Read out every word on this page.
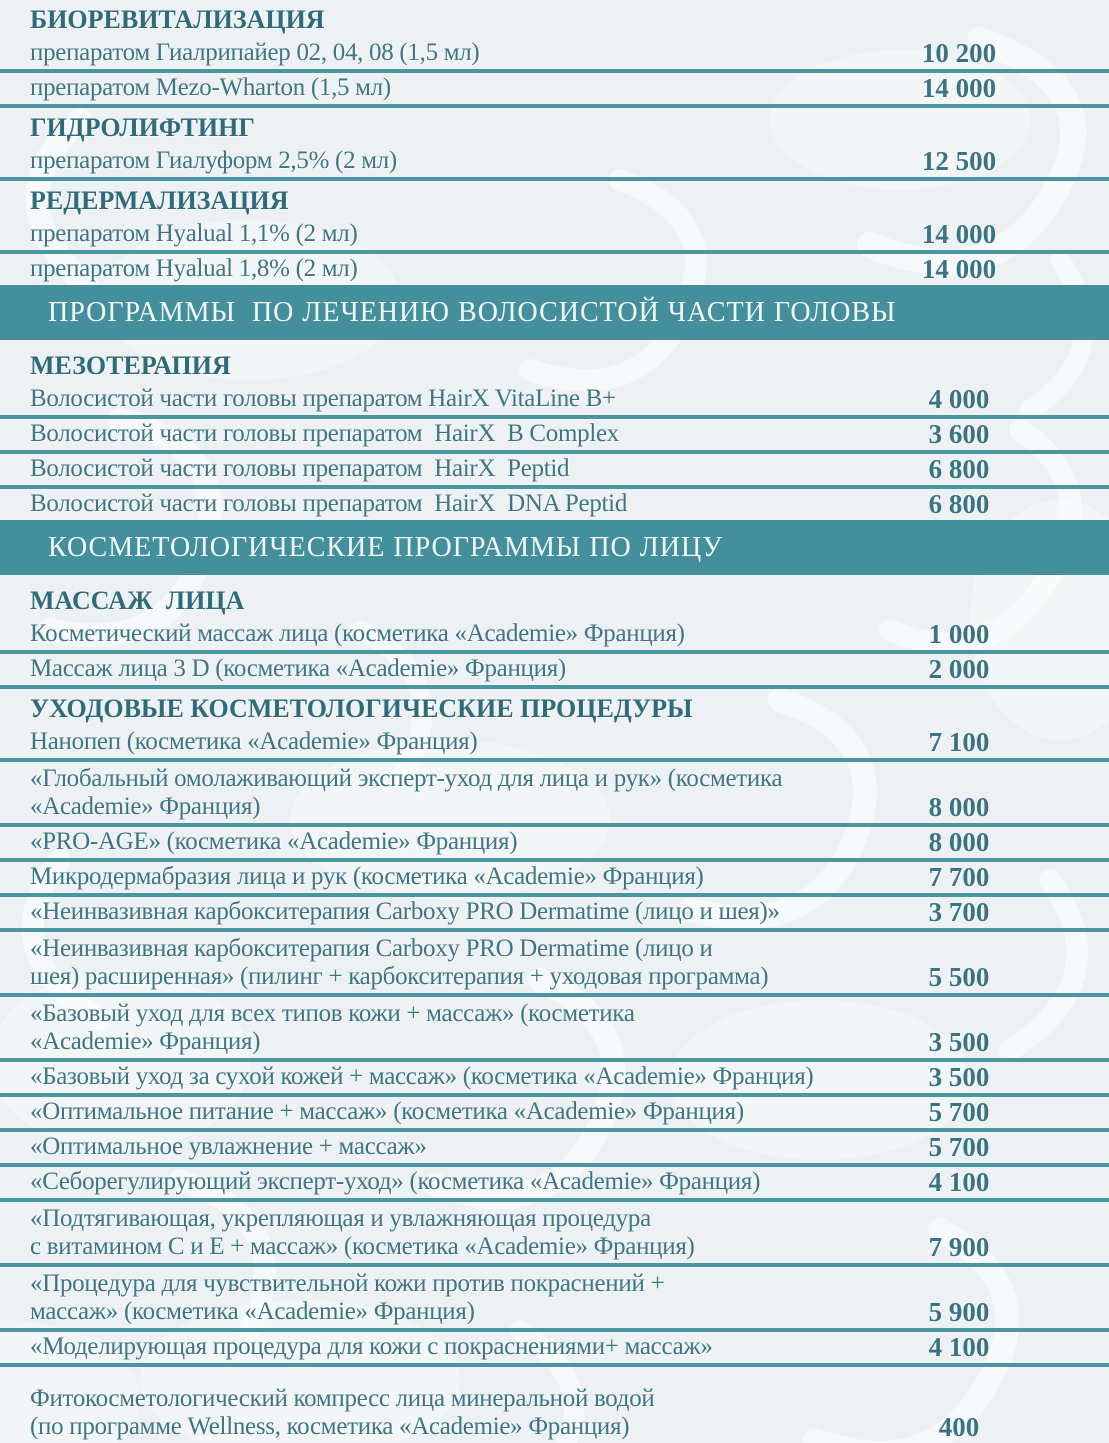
БИОРЕВИТАЛИЗАЦИЯ
препаратом Гиалрипайер 02, 04, 08 (1,5 мл)	10 200
препаратом Mezo-Wharton (1,5 мл)	14 000
ГИДРОЛИФТИНГ
препаратом Гиалуформ 2,5% (2 мл)	12 500
РЕДЕРМАЛИЗАЦИЯ
препаратом Hyalual 1,1% (2 мл)	14 000
препаратом Hyalual 1,8% (2 мл)	14 000
ПРОГРАММЫ  ПО ЛЕЧЕНИЮ ВОЛОСИСТОЙ ЧАСТИ ГОЛОВЫ
МЕЗОТЕРАПИЯ
Волосистой части головы препаратом HairX VitaLine B+	4 000
Волосистой части головы препаратом  HairX  B Complex	3 600
Волосистой части головы препаратом  HairX  Peptid	6 800
Волосистой части головы препаратом  HairX  DNA Peptid	6 800
КОСМЕТОЛОГИЧЕСКИЕ ПРОГРАММЫ ПО ЛИЦУ
МАССАЖ  ЛИЦА
Косметический массаж лица (косметика «Academie» Франция)	1 000
Массаж лица 3 D (косметика «Academie» Франция)	2 000
УХОДОВЫЕ КОСМЕТОЛОГИЧЕСКИЕ ПРОЦЕДУРЫ
Нанопеп (косметика «Academie» Франция)	7 100
«Глобальный омолаживающий эксперт-уход для лица и рук» (косметика
«Academie» Франция)	8 000
«PRO-AGE» (косметика «Academie» Франция)	8 000
Микродермабразия лица и рук (косметика «Academie» Франция)	7 700
«Неинвазивная карбокситерапия Carboxy PRO Dermatime (лицо и шея)»	3 700
«Неинвазивная карбокситерапия Carboxy PRO Dermatime (лицо и
шея) расширенная» (пилинг + карбокситерапия + уходовая программа)	5 500
«Базовый уход для всех типов кожи + массаж» (косметика
«Academie» Франция)	3 500
«Базовый уход за сухой кожей + массаж» (косметика «Academie» Франция)	3 500
«Оптимальное питание + массаж» (косметика «Academie» Франция)	5 700
«Оптимальное увлажнение + массаж»	5 700
«Себорегулирующий эксперт-уход» (косметика «Academie» Франция)	4 100
«Подтягивающая, укрепляющая и увлажняющая процедура
с витамином С и Е + массаж» (косметика «Academie» Франция)	7 900
«Процедура для чувствительной кожи против покраснений +
массаж» (косметика «Academie» Франция)	5 900
«Моделирующая процедура для кожи с покраснениями+ массаж»	4 100
Фитокосметологический компресс лица минеральной водой
(по программе Wellness, косметика «Academie» Франция)	400
